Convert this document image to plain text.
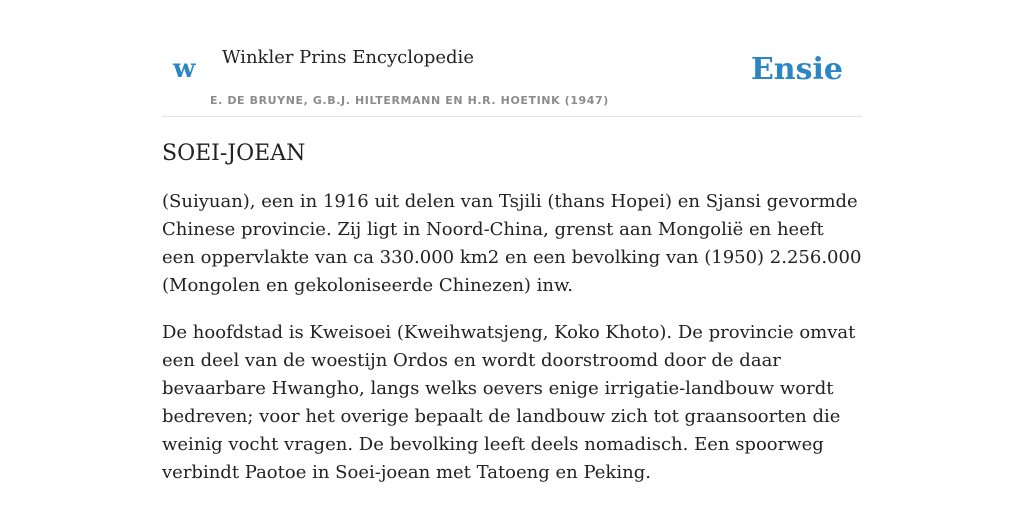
w Winkler Prins Encyclopedie
E. DE BRUYNE, G.B.J. HILTERMANN EN H.R. HOETINK (1947)
Ensie
SOEI-JOEAN

(Suiyuan), een in 1916 uit delen van Tsjili (thans Hopei) en Sjansi gevormde Chinese provincie. Zij ligt in Noord-China, grenst aan Mongolië en heeft een oppervlakte van ca 330.000 km2 en een bevolking van (1950) 2.256.000 (Mongolen en gekoloniseerde Chinezen) inw.

De hoofdstad is Kweisoei (Kweihwatsjeng, Koko Khoto). De provincie omvat een deel van de woestijn Ordos en wordt doorstroomd door de daar bevaarbare Hwangho, langs welks oevers enige irrigatie-landbouw wordt bedreven; voor het overige bepaalt de landbouw zich tot graansoorten die weinig vocht vragen. De bevolking leeft deels nomadisch. Een spoorweg verbindt Paotoe in Soei-joean met Tatoeng en Peking.
